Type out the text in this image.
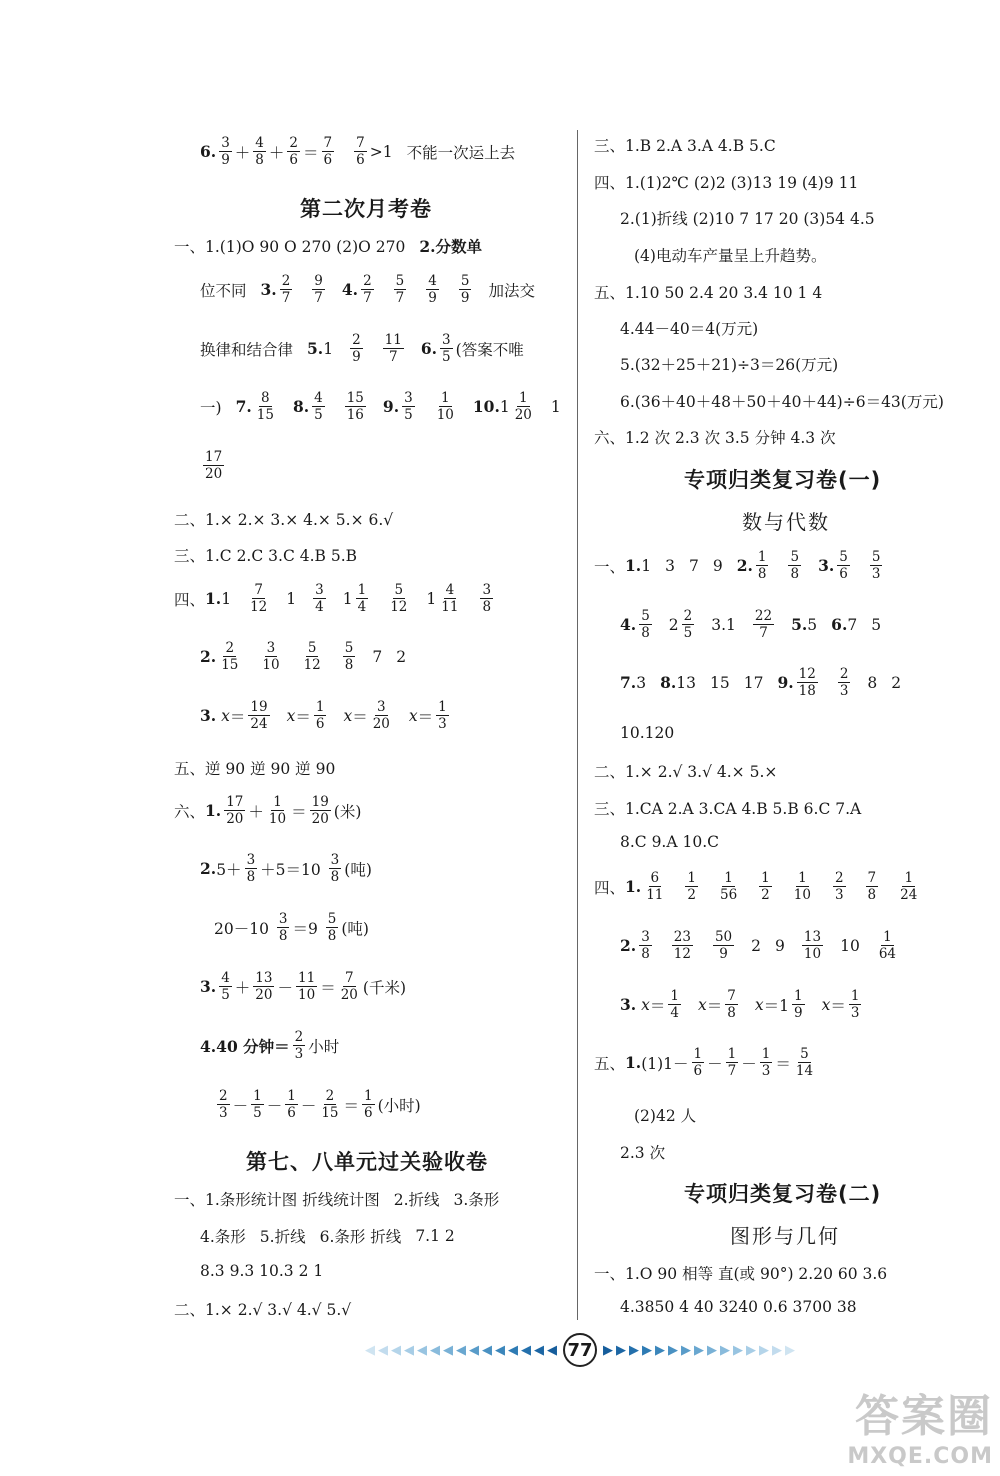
6. $\frac{3}{9} + \frac{4}{8} + \frac{2}{6} = \frac{7}{6} \frac{7}{6} >1$ 不能一次运上去
第二次月考卷
一、1.(1)O 90 O 270 (2)O 270 2.分数单
位不同 3. $\frac{2}{7} \frac{9}{7} 4$. $\frac{2}{7} \frac{5}{7} \frac{4}{9} \frac{5}{9}$ 加法交
换律和结合律 5. $1 \frac{2}{9} \frac{11}{7} 6$. $\frac{3}{5}$ (答案不唯
一) 7. $\frac{8}{15} 8$. $\frac{4}{5} \frac{15}{16} 9$. $\frac{3}{5} \frac{1}{10} 10$. $1 \frac{1}{20} 1$
$\frac{17}{20}$
二、1.× 2.× 3.× 4.× 5.× 6.√
三、1.C 2.C 3.C 4.B 5.B
四、 1. $1 \frac{7}{12} 1 \frac{3}{4} 1 \frac{1}{4} \frac{5}{12} 1 \frac{4}{11} \frac{3}{8}$
2. $\frac{2}{15} \frac{3}{10} \frac{5}{12} \frac{5}{8} 7$ 2
3.
$x = \frac{19}{24}$ $x = \frac{1}{6}$ $x = \frac{3}{20}$ $x = \frac{1}{3}$
五、逆 90 逆 90 逆 90
六、 1. $\frac{17}{20} + \frac{1}{10} = \frac{19}{20}$ (米)
2. $5+ \frac{3}{8} +5=10 \frac{3}{8}$ (吨)
$20-10 \frac{3}{8} =9 \frac{5}{8}$ (吨)
3. $\frac{4}{5} + \frac{13}{20} - \frac{11}{10} = \frac{7}{20}$ (千米)
4.40 分钟＝ $\frac{2}{3}$ 小时
$\frac{2}{3} - \frac{1}{5} - \frac{1}{6} - \frac{2}{15} = \frac{1}{6}$ (小时)
第七、八单元过关验收卷
一、1.条形统计图 折线统计图 2.折线 3.条形
4.条形 5.折线 6.条形 折线 7.1 2
8.3 9.3 10.3 2 1
二、1.× 2.√ 3.√ 4.√ 5.√
三、1.B 2.A 3.A 4.B 5.C
四、1.(1)2℃ (2)2 (3)13 19 (4)9 11
2.(1)折线 (2)10 7 17 20 (3)54 4.5
(4)电动车产量呈上升趋势。
五、1.10 50 2.4 20 3.4 10 1 4
4.44－40＝4(万元)
5.(32＋25＋21)÷3＝26(万元)
6.(36＋40＋48＋50＋40＋44)÷6＝43(万元)
六、1.2 次 2.3 次 3.5 分钟 4.3 次
专项归类复习卷(一)
数与代数
一、 1. 1 3 7 9 2. $\frac{1}{8} \frac{5}{8} 3$. $\frac{5}{6} \frac{5}{3}$
4. $\frac{5}{8} 2 \frac{2}{5} 3.1 \frac{22}{7} 5$. 5 6. 7 5
7. 3 8. 13 15 17 9. $\frac{12}{18} \frac{2}{3} 8$ 2
10.120
二、1.× 2.√ 3.√ 4.× 5.×
三、1.CA 2.A 3.CA 4.B 5.B 6.C 7.A
8.C 9.A 10.C
四、 1. $\frac{6}{11} \frac{1}{2} \frac{1}{56} \frac{1}{2} \frac{1}{10} \frac{2}{3} \frac{7}{8} \frac{1}{24}$
2. $\frac{3}{8} \frac{23}{12} \frac{50}{9} 2$ $9 \frac{13}{10} 10 \frac{1}{64}$
3.
$x = \frac{1}{4}$ $x = \frac{7}{8}$ $x =1 \frac{1}{9}$ $x = \frac{1}{3}$
五、 1. $(1)1- \frac{1}{6} - \frac{1}{7} - \frac{1}{3} = \frac{5}{14}$
(2)42 人
2.3 次
专项归类复习卷(二)
图形与几何
一、1.O 90 相等 直(或 90°) 2.20 60 3.6
4.3850 4 40 3240 0.6 3700 38
◀ ◀ ◀ ◀ ◀ ◀ ◀ ◀ ◀ ◀ ◀ ◀ ◀ ◀ ◀ 77 ▶ ▶ ▶ ▶ ▶ ▶ ▶ ▶ ▶ ▶ ▶ ▶ ▶ ▶ ▶
答案圈
MXQE.COM
